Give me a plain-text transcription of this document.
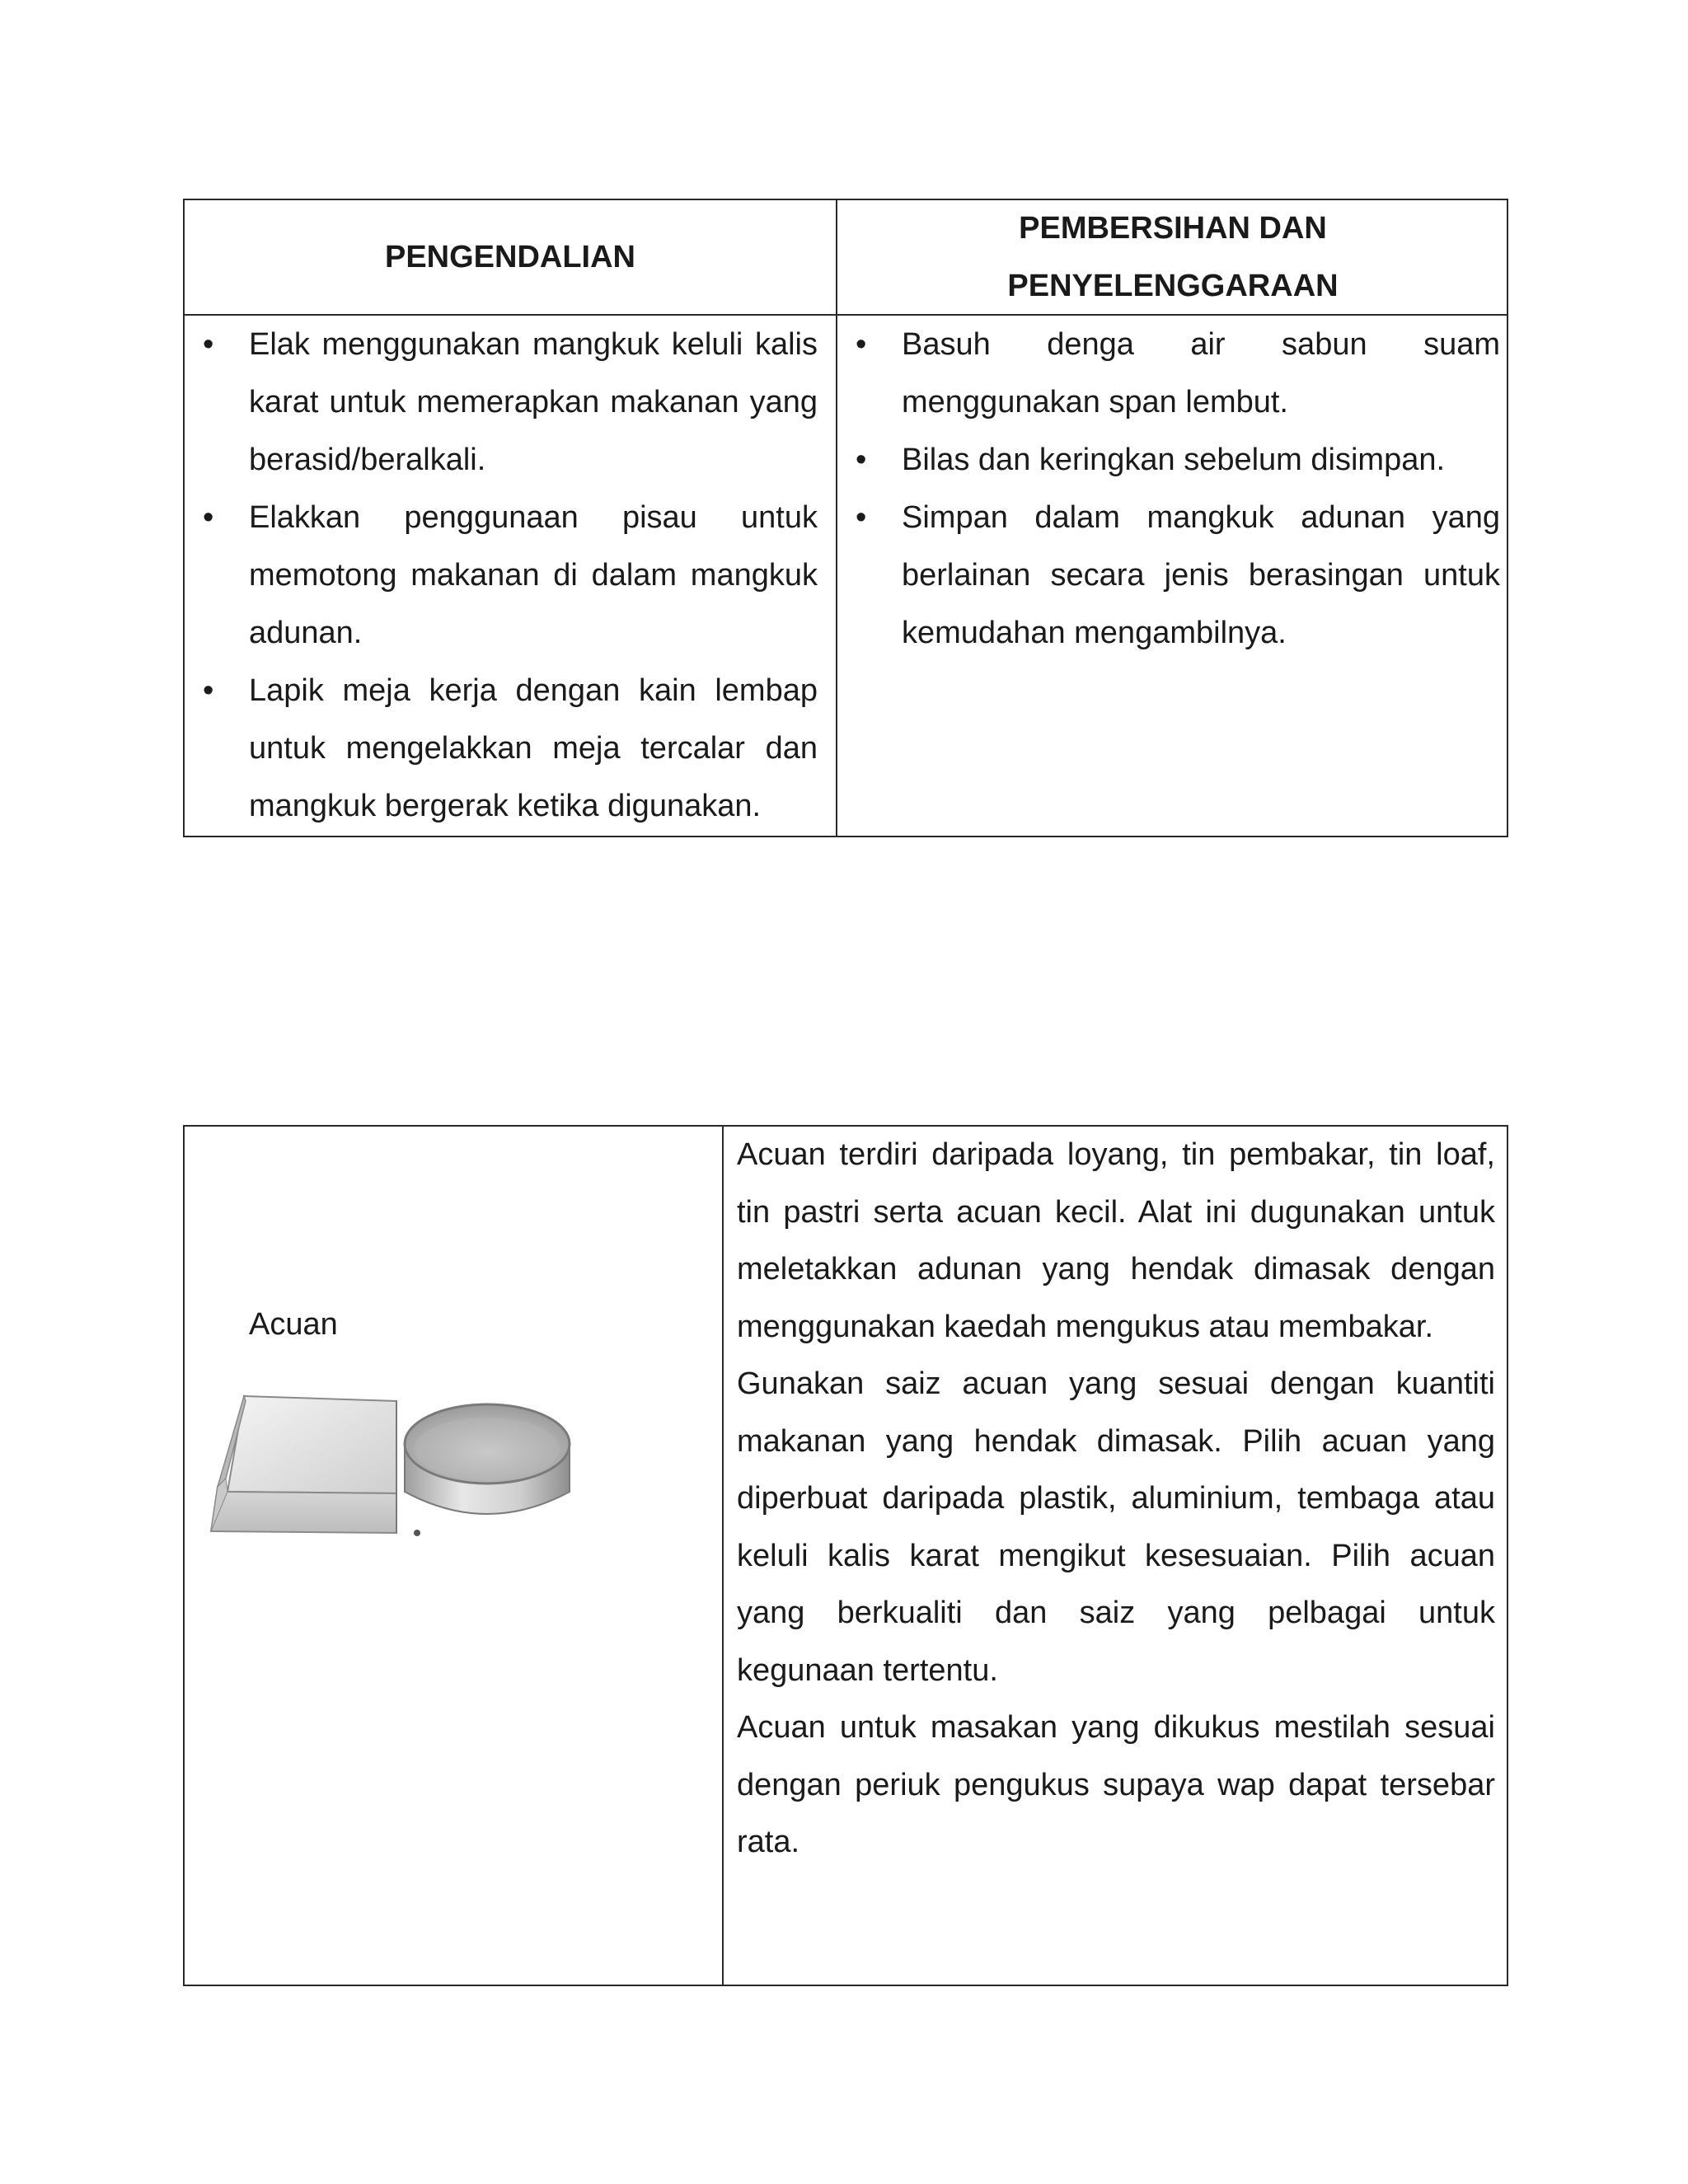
PENGENDALIAN
PEMBERSIHAN DAN
PENYELENGGARAAN
• Elak menggunakan mangkuk keluli kalis karat untuk memerapkan makanan yang berasid/beralkali.
• Elakkan penggunaan pisau untuk memotong makanan di dalam mangkuk adunan.
• Lapik meja kerja dengan kain lembap untuk mengelakkan meja tercalar dan mangkuk bergerak ketika digunakan.
• Basuh denga air sabun suam menggunakan span lembut.
• Bilas dan keringkan sebelum disimpan.
• Simpan dalam mangkuk adunan yang berlainan secara jenis berasingan untuk kemudahan mengambilnya.
Acuan

Acuan terdiri daripada loyang, tin pembakar, tin loaf, tin pastri serta acuan kecil. Alat ini dugunakan untuk meletakkan adunan yang hendak dimasak dengan menggunakan kaedah mengukus atau membakar.

Gunakan saiz acuan yang sesuai dengan kuantiti makanan yang hendak dimasak. Pilih acuan yang diperbuat daripada plastik, aluminium, tembaga atau keluli kalis karat mengikut kesesuaian. Pilih acuan yang berkualiti dan saiz yang pelbagai untuk kegunaan tertentu.

Acuan untuk masakan yang dikukus mestilah sesuai dengan periuk pengukus supaya wap dapat tersebar rata.
